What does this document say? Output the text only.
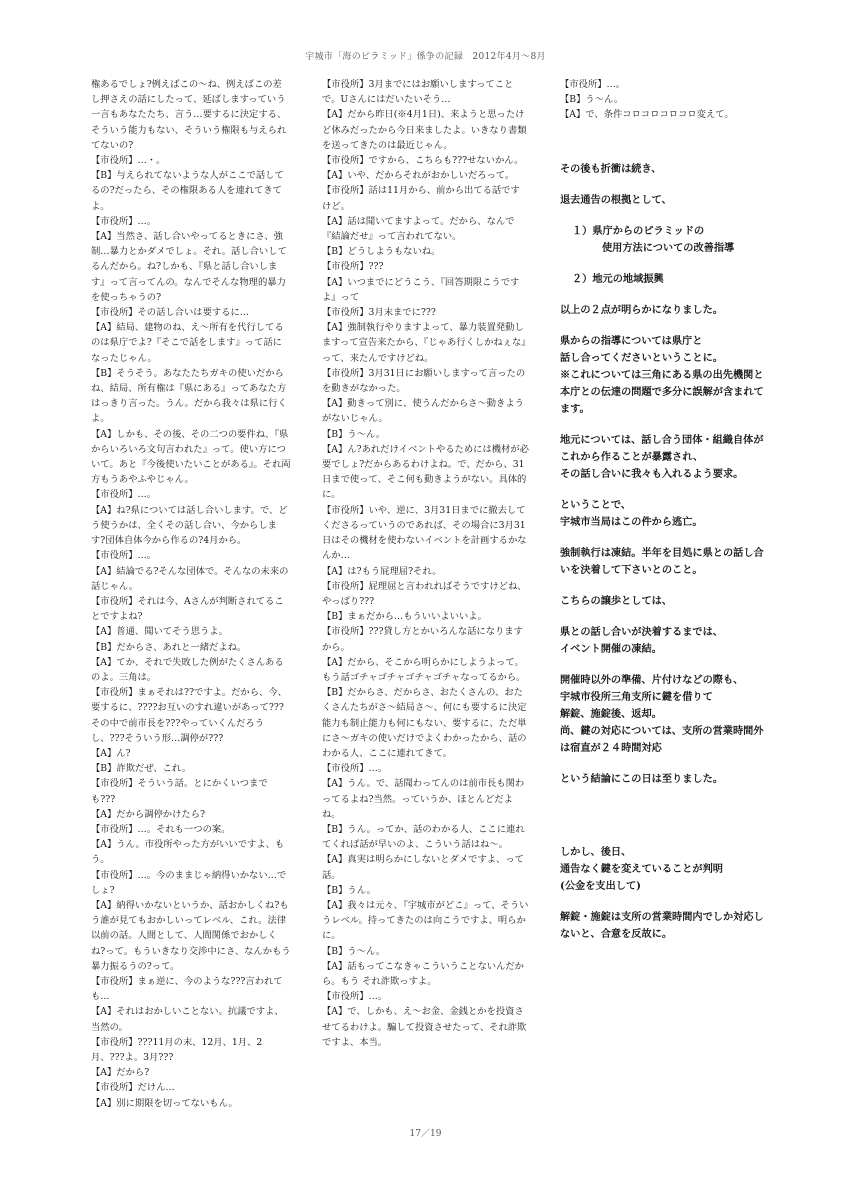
宇城市「海のピラミッド」係争の記録　2012年4月〜8月

権あるでしょ?例えばこの〜ね、例えばこの差し押さえの話にしたって、延ばしますっていう一言もあなたたち、言う…要するに決定する、そういう能力もない、そういう権限も与えられてないの?

【市役所】…・。

【B】与えられてないような人がここで話してるの?だったら、その権限ある人を連れてきてよ。

【市役所】…。

【A】当然さ、話し合いやってるときにさ、強制…暴力とかダメでしょ。それ。話し合いしてるんだから。ね?しかも、『県と話し合いします』って言ってんの。なんでそんな物理的暴力を使っちゃうの?

【市役所】その話し合いは要するに…

【A】結局、建物のね、え〜所有を代行してるのは県庁でよ?『そこで話をします』って話になったじゃん。

【B】そうそう。あなたたちガキの使いだからね、結局、所有権は『県にある』ってあなた方はっきり言った。うん。だから我々は県に行くよ。

【A】しかも、その後、その二つの要件ね、『県からいろいろ文句言われた』って。使い方について。あと『今後使いたいことがある』。それ両方もうあやふやじゃん。

【市役所】…。

【A】ね?県については話し合いします。で、どう使うかは、全くその話し合い、今からします?団体自体今から作るの?4月から。

【市役所】…。

【A】結論でる?そんな団体で。そんなの未来の話じゃん。

【市役所】それは今、Aさんが判断されてることですよね?

【A】普通、聞いてそう思うよ。

【B】だからさ、あれと一緒だよね。

【A】てか、それで失敗した例がたくさんあるのよ。三角は。

【市役所】まぁそれは??ですよ。だから、今、要するに、????お互いのすれ違いがあって???その中で前市長を???やっていくんだろうし、???そういう形…調停が???

【A】ん?

【B】詐欺だぜ、これ。

【市役所】そういう話。とにかくいつまでも???

【A】だから調停かけたら?

【市役所】…。それも一つの案。

【A】うん。市役所やった方がいいですよ、もう。

【市役所】…。今のままじゃ納得いかない…でしょ?

【A】納得いかないというか、話おかしくね?もう誰が見てもおかしいってレベル、これ。法律以前の話。人間として、人間関係でおかしくね?って。もういきなり交渉中にさ、なんかもう暴力振るうの?って。

【市役所】まぁ逆に、今のような???言われても…

【A】それはおかしいことない。抗議ですよ、当然の。

【市役所】???11月の末、12月、1月、2月、???よ。3月???

【A】だから?

【市役所】だけん…

【A】別に期限を切ってないもん。

【市役所】3月までにはお願いしますってことで。Uさんにはだいたいそう…

【A】だから昨日(※4月1日)、来ようと思ったけど休みだったから今日来ましたよ。いきなり書類を送ってきたのは最近じゃん。

【市役所】ですから、こちらも???せないかん。

【A】いや、だからそれがおかしいだろって。

【市役所】話は11月から、前から出てる話ですけど。

【A】話は聞いてますよって。だから、なんで『結論だせ』って言われてない。

【B】どうしようもないね。

【市役所】???

【A】いつまでにどうこう、『回答期限こうですよ』って

【市役所】3月末までに???

【A】強制執行やりますよって、暴力装置発動しますって宣告来たから、『じゃあ行くしかねぇな』って、来たんですけどね。

【市役所】3月31日にお願いしますって言ったのを動きがなかった。

【A】動きって別に、使うんだからさ〜動きようがないじゃん。

【B】う〜ん。

【A】ん?あれだけイベントやるためには機材が必要でしょ?だからあるわけよね。で、だから、31日まで使って、そこ何も動きようがない。具体的に。

【市役所】いや、逆に、3月31日までに撤去してくださるっていうのであれば、その場合に3月31日はその機材を使わないイベントを計画するかなんか…

【A】は?もう屁理屈?それ。

【市役所】屁理屈と言われればそうですけどね、やっぱり???

【B】まぁだから…もういいよいいよ。

【市役所】???貸し方とかいろんな話になりますから。

【A】だから、そこから明らかにしようよって。もう話ゴチャゴチャゴチャゴチャなってるから。

【B】だからさ、だからさ、おたくさんの、おたくさんたちがさ〜結局さ〜、何にも要するに決定能力も制止能力も何にもない、要するに、ただ単にさ〜ガキの使いだけでよくわかったから、話のわかる人、ここに連れてきて。

【市役所】…。

【A】うん。で、話聞わってんのは前市長も関わってるよね?当然。っていうか、ほとんどだよね。

【B】うん。ってか、話のわかる人、ここに連れてくれば話が早いのよ、こういう話はね〜。

【A】真実は明らかにしないとダメですよ、って話。

【B】うん。

【A】我々は元々、『宇城市がどこ』って、そういうレベル。持ってきたのは向こうですよ、明らかに。

【B】う〜ん。

【A】話もってこなきゃこういうことないんだから。もう それ詐欺っすよ。

【市役所】…。

【A】で、しかも、え〜お金、金銭とかを投資させてるわけよ。騙して投資させたって、それ詐欺ですよ、本当。

【市役所】…。

【B】う〜ん。

【A】で、条件コロコロコロコロ変えて。

その後も折衝は続き、

退去通告の根拠として、

１）県庁からのピラミッドの

使用方法についての改善指導

２）地元の地域振興

以上の２点が明らかになりました。

県からの指導については県庁と
話し合ってくださいということに。
※これについては三角にある県の出先機関と本庁との伝達の問題で多分に誤解が含まれてます。

地元については、話し合う団体・組織自体がこれから作ることが暴露され、
その話し合いに我々も入れるよう要求。

ということで、
宇城市当局はこの件から逃亡。

強制執行は凍結。半年を目処に県との話し合いを決着して下さいとのこと。

こちらの譲歩としては、

県との話し合いが決着するまでは、
イベント開催の凍結。

開催時以外の準備、片付けなどの際も、
宇城市役所三角支所に鍵を借りて
解錠、施錠後、返却。
尚、鍵の対応については、支所の営業時間外は宿直が２４時間対応

という結論にこの日は至りました。

しかし、後日、
通告なく鍵を変えていることが判明
(公金を支出して)

解錠・施錠は支所の営業時間内でしか対応しないと、合意を反故に。

17／19
